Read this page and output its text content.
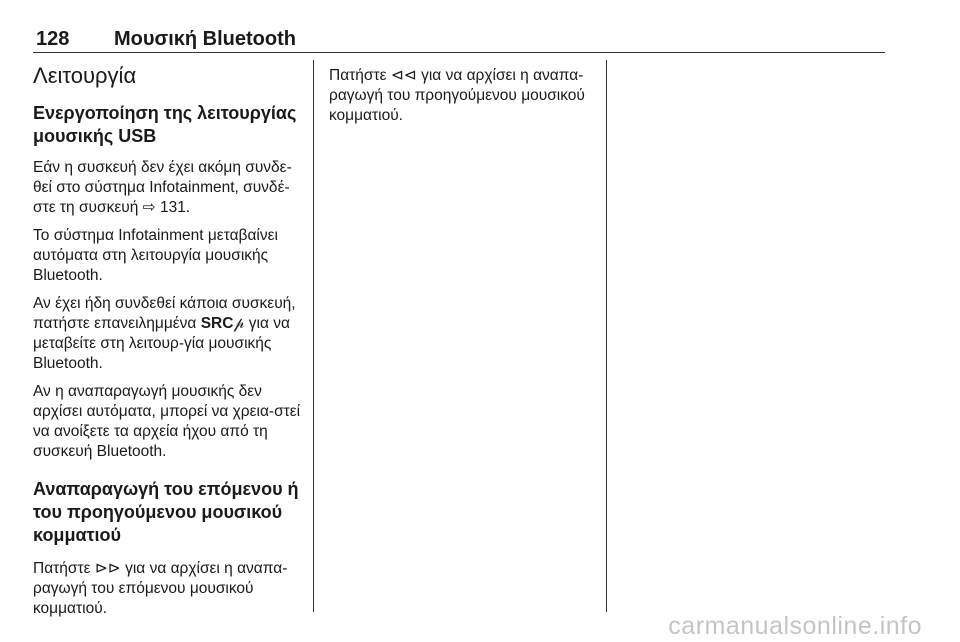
128 Μουσική Bluetooth
Λειτουργία
Ενεργοποίηση της λειτουργίας μουσικής USB

Εάν η συσκευή δεν έχει ακόμη συνδε-θεί στο σύστημα Infotainment, συνδέ-στε τη συσκευή ⇨ 131.

Το σύστημα Infotainment μεταβαίνει αυτόματα στη λειτουργία μουσικής Bluetooth.

Αν έχει ήδη συνδεθεί κάποια συσκευή, πατήστε επανειλημμένα SRC𝓅 για να μεταβείτε στη λειτουρ-γία μουσικής Bluetooth.

Αν η αναπαραγωγή μουσικής δεν αρχίσει αυτόματα, μπορεί να χρεια-στεί να ανοίξετε τα αρχεία ήχου από τη συσκευή Bluetooth.

Αναπαραγωγή του επόμενου ή του προηγούμενου μουσικού κομματιού

Πατήστε ⊳⊳ για να αρχίσει η αναπα-ραγωγή του επόμενου μουσικού κομματιού.

Πατήστε ⊲⊲ για να αρχίσει η αναπα-ραγωγή του προηγούμενου μουσικού κομματιού.

carmanualsonline.info
